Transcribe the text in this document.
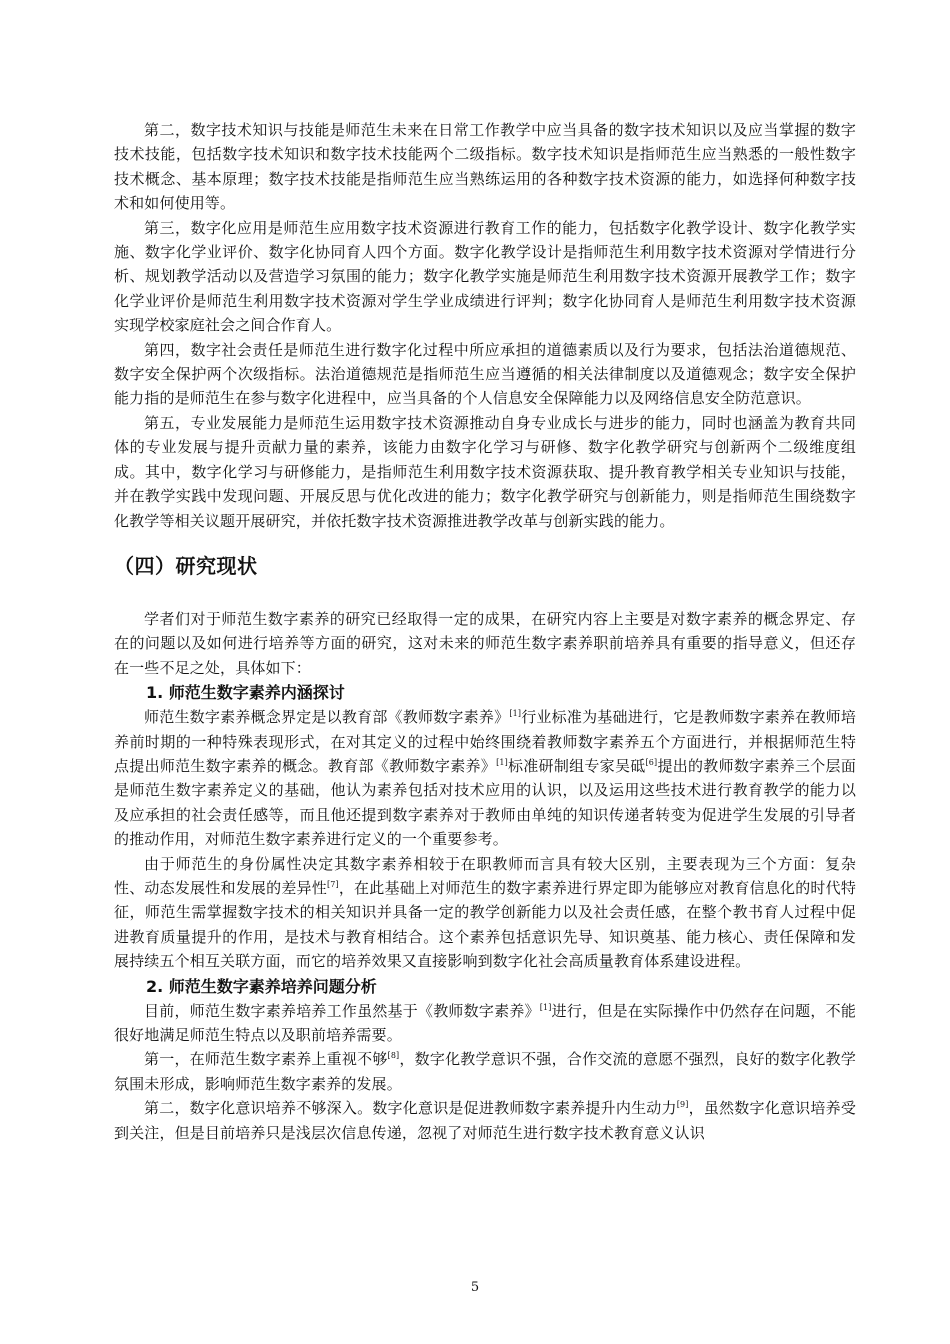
第二，数字技术知识与技能是师范生未来在日常工作教学中应当具备的数字技术知识以及应当掌握的数字技术技能，包括数字技术知识和数字技术技能两个二级指标。数字技术知识是指师范生应当熟悉的一般性数字技术概念、基本原理；数字技术技能是指师范生应当熟练运用的各种数字技术资源的能力，如选择何种数字技术和如何使用等。

第三，数字化应用是师范生应用数字技术资源进行教育工作的能力，包括数字化教学设计、数字化教学实施、数字化学业评价、数字化协同育人四个方面。数字化教学设计是指师范生利用数字技术资源对学情进行分析、规划教学活动以及营造学习氛围的能力；数字化教学实施是师范生利用数字技术资源开展教学工作；数字化学业评价是师范生利用数字技术资源对学生学业成绩进行评判；数字化协同育人是师范生利用数字技术资源实现学校家庭社会之间合作育人。

第四，数字社会责任是师范生进行数字化过程中所应承担的道德素质以及行为要求，包括法治道德规范、数字安全保护两个次级指标。法治道德规范是指师范生应当遵循的相关法律制度以及道德观念；数字安全保护能力指的是师范生在参与数字化进程中，应当具备的个人信息安全保障能力以及网络信息安全防范意识。

第五，专业发展能力是师范生运用数字技术资源推动自身专业成长与进步的能力，同时也涵盖为教育共同体的专业发展与提升贡献力量的素养，该能力由数字化学习与研修、数字化教学研究与创新两个二级维度组成。其中，数字化学习与研修能力，是指师范生利用数字技术资源获取、提升教育教学相关专业知识与技能，并在教学实践中发现问题、开展反思与优化改进的能力；数字化教学研究与创新能力，则是指师范生围绕数字化教学等相关议题开展研究，并依托数字技术资源推进教学改革与创新实践的能力。

（四）研究现状

学者们对于师范生数字素养的研究已经取得一定的成果，在研究内容上主要是对数字素养的概念界定、存在的问题以及如何进行培养等方面的研究，这对未来的师范生数字素养职前培养具有重要的指导意义，但还存在一些不足之处，具体如下：

1. 师范生数字素养内涵探讨

师范生数字素养概念界定是以教育部《教师数字素养》[1]行业标准为基础进行，它是教师数字素养在教师培养前时期的一种特殊表现形式，在对其定义的过程中始终围绕着教师数字素养五个方面进行，并根据师范生特点提出师范生数字素养的概念。教育部《教师数字素养》[1]标准研制组专家吴砥[6]提出的教师数字素养三个层面是师范生数字素养定义的基础，他认为素养包括对技术应用的认识，以及运用这些技术进行教育教学的能力以及应承担的社会责任感等，而且他还提到数字素养对于教师由单纯的知识传递者转变为促进学生发展的引导者的推动作用，对师范生数字素养进行定义的一个重要参考。

由于师范生的身份属性决定其数字素养相较于在职教师而言具有较大区别，主要表现为三个方面：复杂性、动态发展性和发展的差异性[7]，在此基础上对师范生的数字素养进行界定即为能够应对教育信息化的时代特征，师范生需掌握数字技术的相关知识并具备一定的教学创新能力以及社会责任感，在整个教书育人过程中促进教育质量提升的作用，是技术与教育相结合。这个素养包括意识先导、知识奠基、能力核心、责任保障和发展持续五个相互关联方面，而它的培养效果又直接影响到数字化社会高质量教育体系建设进程。

2. 师范生数字素养培养问题分析

目前，师范生数字素养培养工作虽然基于《教师数字素养》[1]进行，但是在实际操作中仍然存在问题，不能很好地满足师范生特点以及职前培养需要。

第一，在师范生数字素养上重视不够[8]，数字化教学意识不强，合作交流的意愿不强烈，良好的数字化教学氛围未形成，影响师范生数字素养的发展。

第二，数字化意识培养不够深入。数字化意识是促进教师数字素养提升内生动力[9]，虽然数字化意识培养受到关注，但是目前培养只是浅层次信息传递，忽视了对师范生进行数字技术教育意义认识

5
